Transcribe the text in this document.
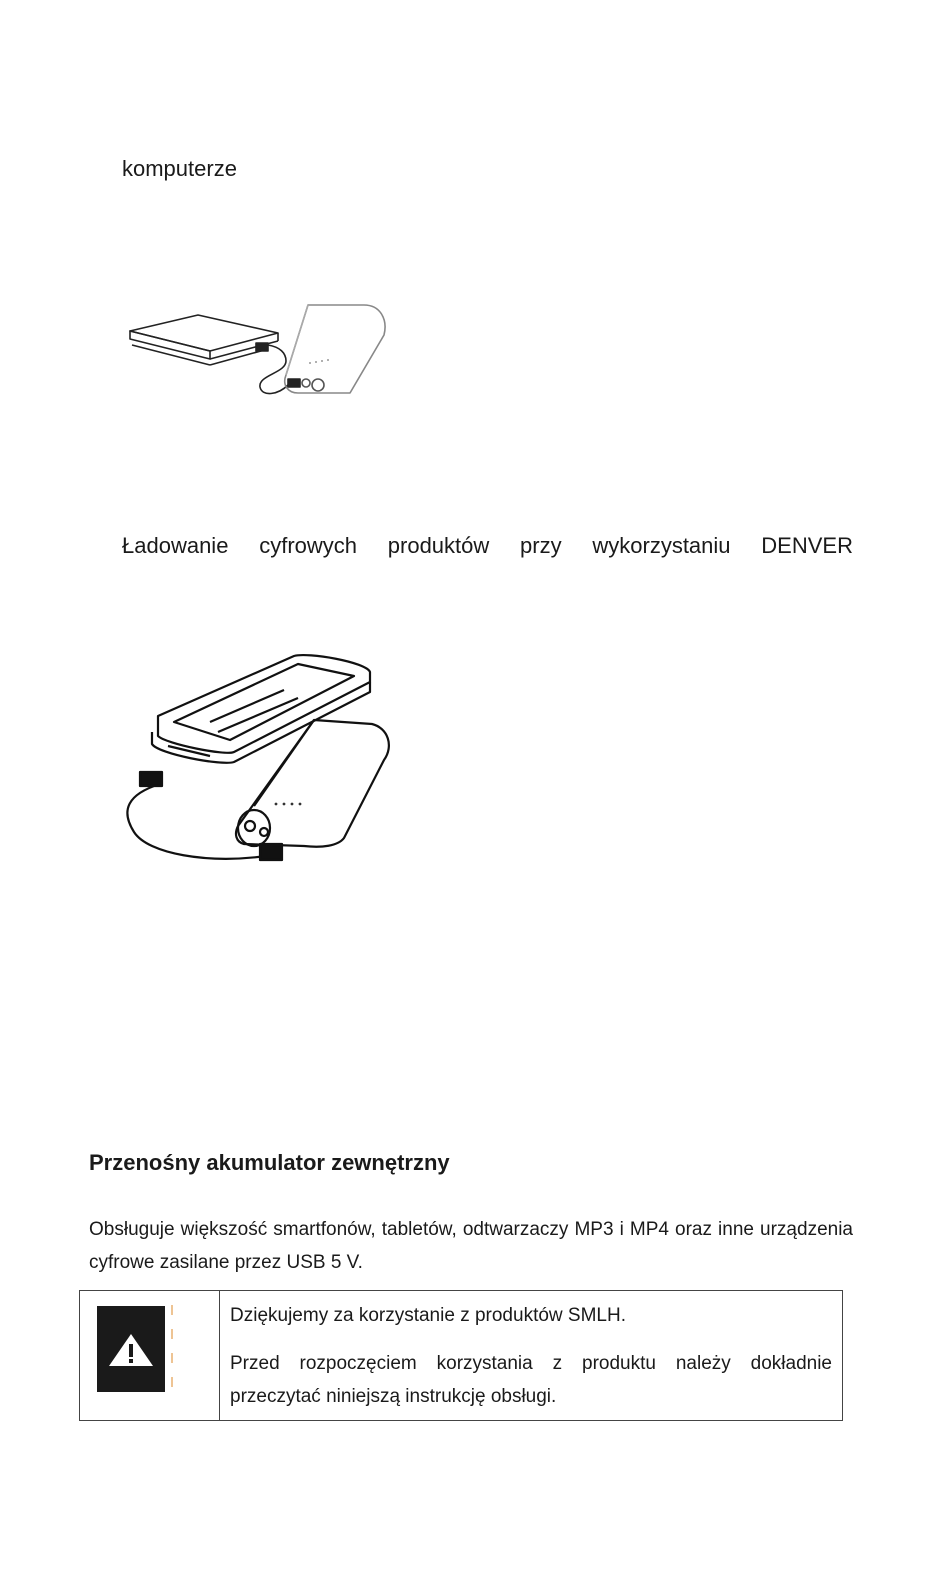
komputerze
Ładowanie cyfrowych produktów przy wykorzystaniu DENVER
Przenośny akumulator zewnętrzny
Obsługuje większość smartfonów, tabletów, odtwarzaczy MP3 i MP4 oraz inne urządzenia cyfrowe zasilane przez USB 5 V.

Dziękujemy za korzystanie z produktów SMLH.

Przed rozpoczęciem korzystania z produktu należy dokładnie przeczytać niniejszą instrukcję obsługi.
